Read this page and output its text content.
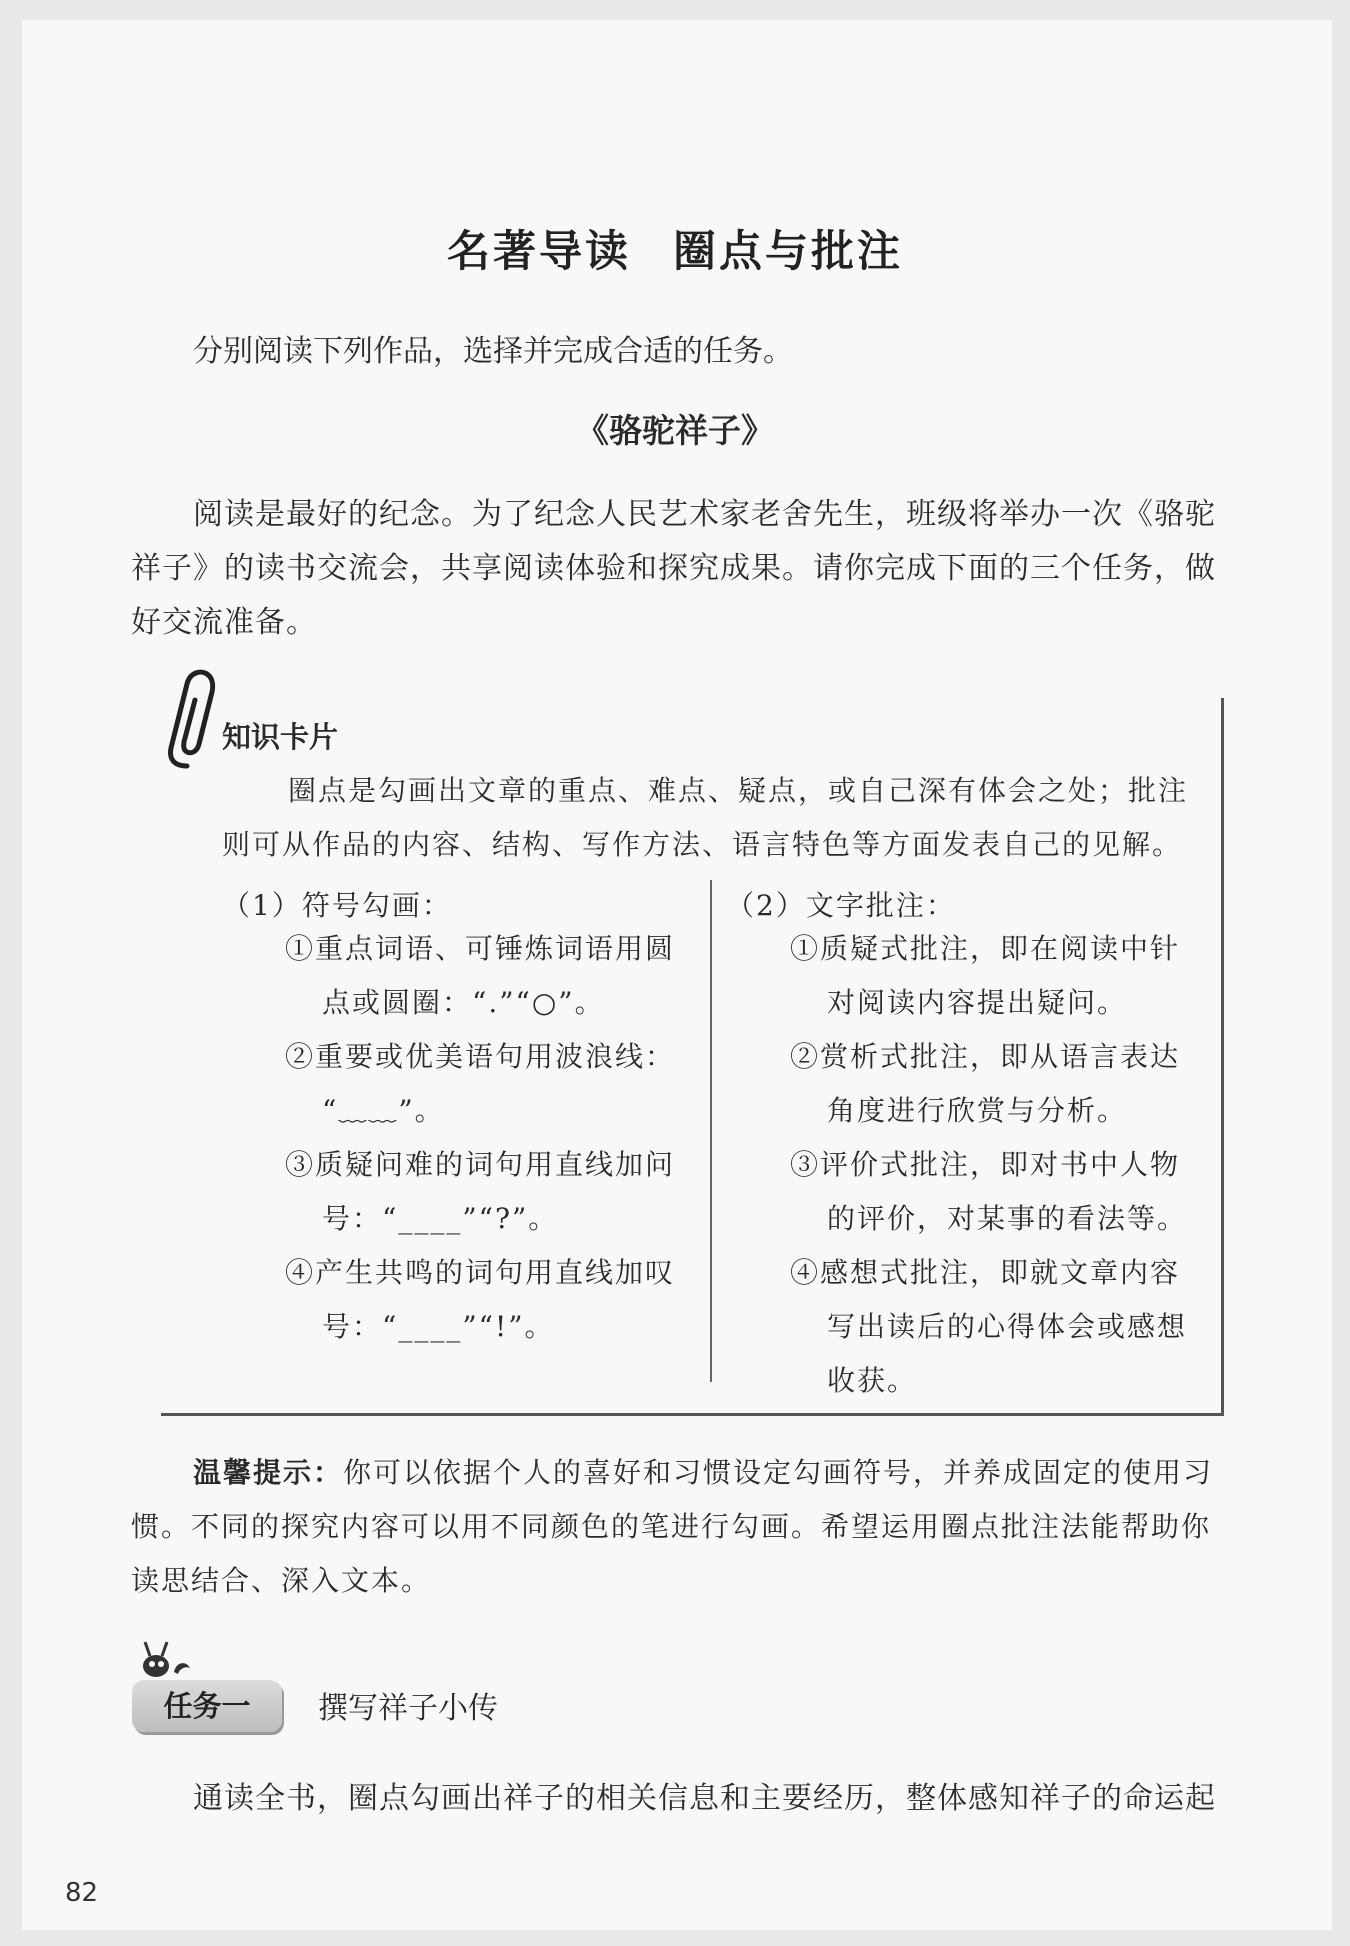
名著导读 圈点与批注
分别阅读下列作品，选择并完成合适的任务。
《骆驼祥子》
阅读是最好的纪念。为了纪念人民艺术家老舍先生，班级将举办一次《骆驼祥子》的读书交流会，共享阅读体验和探究成果。请你完成下面的三个任务，做好交流准备。
知识卡片
圈点是勾画出文章的重点、难点、疑点，或自己深有体会之处；批注则可从作品的内容、结构、写作方法、语言特色等方面发表自己的见解。
（1）符号勾画：	（2）文字批注：
①重点词语、可锤炼词语用圆
点或圆圈：“.”“○”。
②重要或优美语句用波浪线：
“﹏﹏”。
③质疑问难的词句用直线加问
号：“____”“?”。
④产生共鸣的词句用直线加叹
号：“____”“!”。
①质疑式批注，即在阅读中针
对阅读内容提出疑问。
②赏析式批注，即从语言表达
角度进行欣赏与分析。
③评价式批注，即对书中人物
的评价，对某事的看法等。
④感想式批注，即就文章内容
写出读后的心得体会或感想
收获。
温馨提示：你可以依据个人的喜好和习惯设定勾画符号，并养成固定的使用习惯。不同的探究内容可以用不同颜色的笔进行勾画。希望运用圈点批注法能帮助你读思结合、深入文本。
任务一	撰写祥子小传
通读全书，圈点勾画出祥子的相关信息和主要经历，整体感知祥子的命运起
82
